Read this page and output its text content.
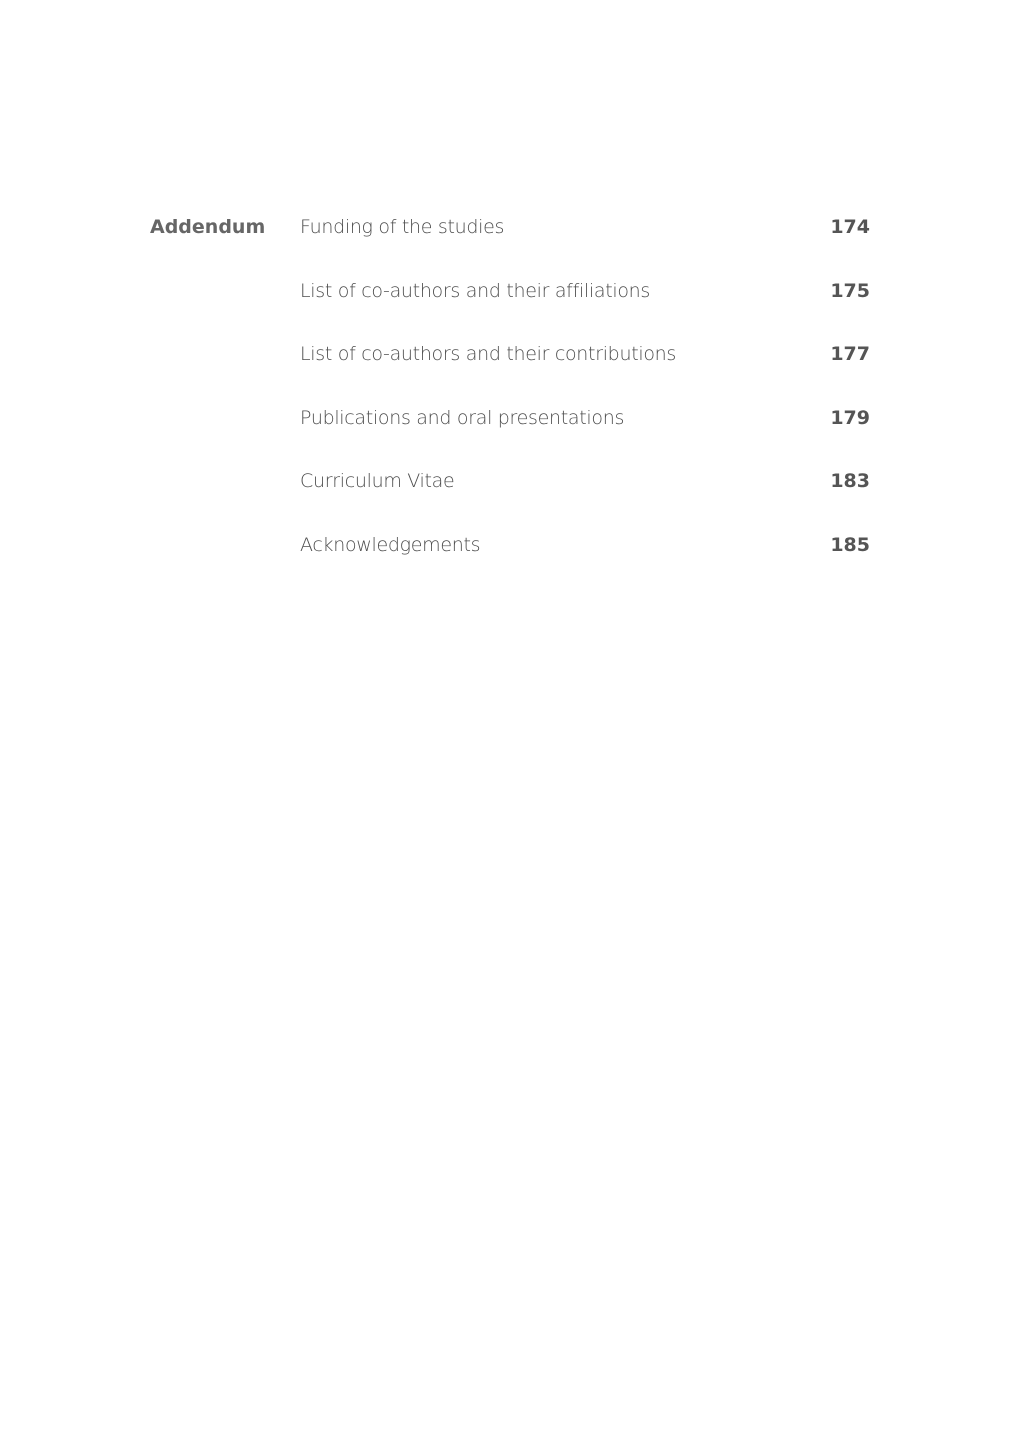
Addendum Funding of the studies	174
List of co-authors and their affiliations	175
List of co-authors and their contributions	177
Publications and oral presentations	179
Curriculum Vitae	183
Acknowledgements	185
